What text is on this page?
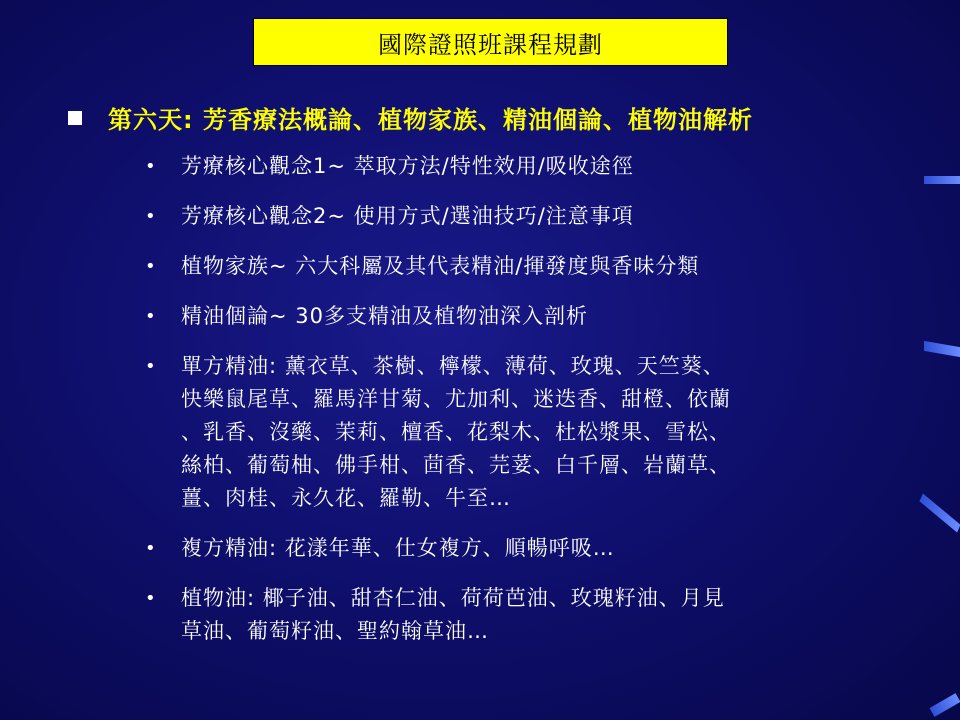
國際證照班課程規劃
第六天: 芳香療法概論、植物家族、精油個論、植物油解析
•	芳療核心觀念1~ 萃取方法/特性效用/吸收途徑
•	芳療核心觀念2~ 使用方式/選油技巧/注意事項
•	植物家族~ 六大科屬及其代表精油/揮發度與香味分類
•	精油個論~ 30多支精油及植物油深入剖析
•	單方精油: 薰衣草、茶樹、檸檬、薄荷、玫瑰、天竺葵、
快樂鼠尾草、羅馬洋甘菊、尤加利、迷迭香、甜橙、依蘭
、乳香、沒藥、茉莉、檀香、花梨木、杜松漿果、雪松、
絲柏、葡萄柚、佛手柑、茴香、芫荽、白千層、岩蘭草、
薑、肉桂、永久花、羅勒、牛至…
•	複方精油: 花漾年華、仕女複方、順暢呼吸…
•	植物油: 椰子油、甜杏仁油、荷荷芭油、玫瑰籽油、月見
草油、葡萄籽油、聖約翰草油…
